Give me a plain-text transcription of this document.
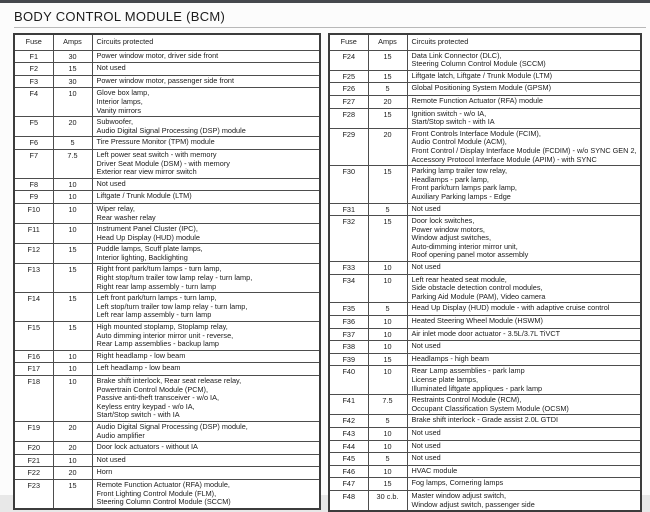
BODY CONTROL MODULE (BCM)
Fuse	Amps	Circuits protected
F1	30	Power window motor, driver side front

F2	15	Not used

F3	30	Power window motor, passenger side front

F4	10	Glove box lamp,
Interior lamps,
Vanity mirrors

F5	20	Subwoofer,
Audio Digital Signal Processing (DSP) module

F6	5	Tire Pressure Monitor (TPM) module

F7	7.5	Left power seat switch - with memory
Driver Seat Module (DSM) - with memory
Exterior rear view mirror switch

F8	10	Not used

F9	10	Liftgate / Trunk Module (LTM)

F10	10	Wiper relay,
Rear washer relay

F11	10	Instrument Panel Cluster (IPC),
Head Up Display (HUD) module

F12	15	Puddle lamps, Scuff plate lamps,
Interior lighting, Backlighting

F13	15	Right front park/turn lamps - turn lamp,
Right stop/turn trailer tow lamp relay - turn lamp,
Right rear lamp assembly - turn lamp

F14	15	Left front park/turn lamps - turn lamp,
Left stop/turn trailer tow lamp relay - turn lamp,
Left rear lamp assembly - turn lamp

F15	15	High mounted stoplamp, Stoplamp relay,
Auto dimming interior mirror unit - reverse,
Rear Lamp assemblies - backup lamp

F16	10	Right headlamp - low beam

F17	10	Left headlamp - low beam

F18	10	Brake shift interlock, Rear seat release relay,
Powertrain Control Module (PCM),
Passive anti-theft transceiver - w/o IA,
Keyless entry keypad - w/o IA,
Start/Stop switch - with IA

F19	20	Audio Digital Signal Processing (DSP) module,
Audio amplifier

F20	20	Door lock actuators - without IA

F21	10	Not used

F22	20	Horn

F23	15	Remote Function Actuator (RFA) module,
Front Lighting Control Module (FLM),
Steering Column Control Module (SCCM)
Fuse	Amps	Circuits protected
F24	15	Data Link Connector (DLC),
Steering Column Control Module (SCCM)

F25	15	Liftgate latch, Liftgate / Trunk Module (LTM)

F26	5	Global Positioning System Module (GPSM)

F27	20	Remote Function Actuator (RFA) module

F28	15	Ignition switch - w/o IA,
Start/Stop switch - with IA

F29	20	Front Controls Interface Module (FCIM),
Audio Control Module (ACM),
Front Control / Display Interface Module (FCDIM) - w/o SYNC GEN 2,
Accessory Protocol Interface Module (APIM) - with SYNC

F30	15	Parking lamp trailer tow relay,
Headlamps - park lamp,
Front park/turn lamps park lamp,
Auxiliary Parking lamps - Edge

F31	5	Not used

F32	15	Door lock switches,
Power window motors,
Window adjust switches,
Auto-dimming interior mirror unit,
Roof opening panel motor assembly

F33	10	Not used

F34	10	Left rear heated seat module,
Side obstacle detection control modules,
Parking Aid Module (PAM), Video camera

F35	5	Head Up Display (HUD) module - with adaptive cruise control

F36	10	Heated Steering Wheel Module (HSWM)

F37	10	Air inlet mode door actuator - 3.5L/3.7L TiVCT

F38	10	Not used

F39	15	Headlamps - high beam

F40	10	Rear Lamp assemblies - park lamp
License plate lamps,
Illuminated liftgate appliques - park lamp

F41	7.5	Restraints Control Module (RCM),
Occupant Classification System Module (OCSM)

F42	5	Brake shift interlock - Grade assist 2.0L GTDI

F43	10	Not used

F44	10	Not used

F45	5	Not used

F46	10	HVAC module

F47	15	Fog lamps, Cornering lamps

F48	30 c.b.	Master window adjust switch,
Window adjust switch, passenger side
